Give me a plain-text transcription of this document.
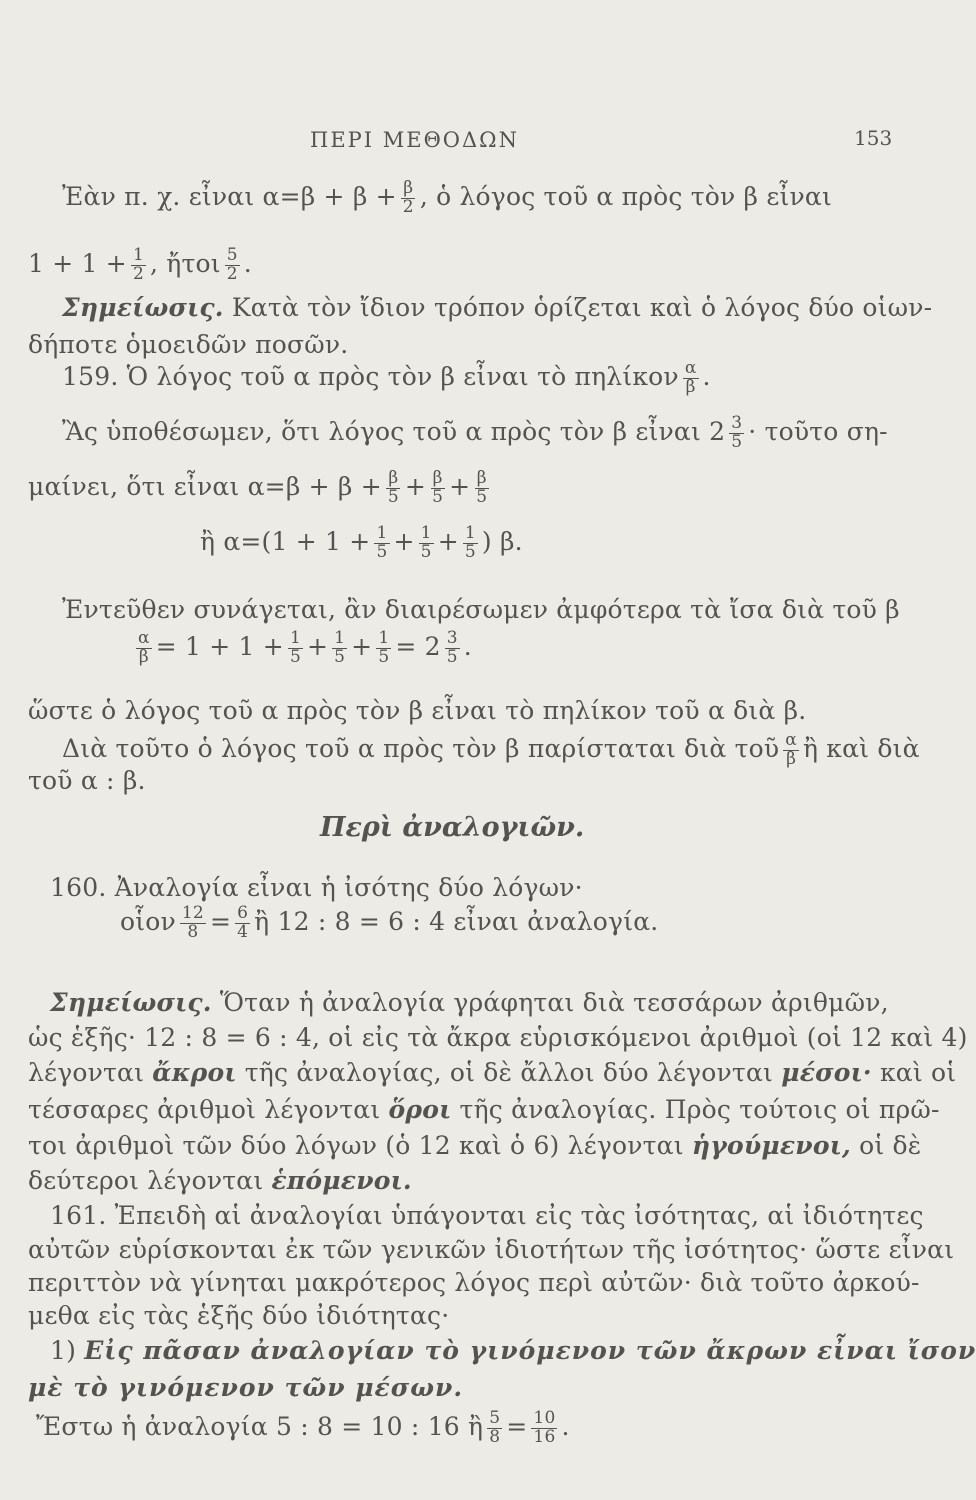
ΠΕΡΙ ΜΕΘΟΔΩΝ	153
Ἐὰν π. χ. εἶναι $\alpha=\beta + \beta + \frac{\beta}{2}$ , ὁ λόγος τοῦ α πρὸς τὸν β εἶναι
$1 + 1 + \frac{1}{2}$ , ἤτοι $\frac{5}{2}$ .
Σημείωσις. Κατὰ τὸν ἴδιον τρόπον ὁρίζεται καὶ ὁ λόγος δύο οἱων-
δήποτε ὁμοειδῶν ποσῶν.
159. Ὁ λόγος τοῦ α πρὸς τὸν β εἶναι τὸ πηλίκον $\frac{\alpha}{\beta}$ .
Ἂς ὑποθέσωμεν, ὅτι λόγος τοῦ α πρὸς τὸν β εἶναι $2 \frac{3}{5}$ · τοῦτο ση-
μαίνει, ὅτι εἶναι $\alpha=\beta + \beta + \frac{\beta}{5} + \frac{\beta}{5} + \frac{\beta}{5}$
ἢ $\alpha=(1 + 1 + \frac{1}{5} + \frac{1}{5} + \frac{1}{5}$ ) β.
Ἐντεῦθεν συνάγεται, ἂν διαιρέσωμεν ἀμφότερα τὰ ἴσα διὰ τοῦ β
$\frac{\alpha}{\beta} = 1 + 1 + \frac{1}{5} + \frac{1}{5} + \frac{1}{5} = 2 \frac{3}{5}$ .
ὥστε ὁ λόγος τοῦ α πρὸς τὸν β εἶναι τὸ πηλίκον τοῦ α διὰ β.
Διὰ τοῦτο ὁ λόγος τοῦ α πρὸς τὸν β παρίσταται διὰ τοῦ $\frac{\alpha}{\beta}$ ἢ καὶ διὰ
τοῦ α : β.
Περὶ ἀναλογιῶν.
160. Ἀναλογία εἶναι ἡ ἰσότης δύο λόγων·
οἷον $\frac{12}{8} = \frac{6}{4}$ ἢ 12 : 8 = 6 : 4 εἶναι ἀναλογία.
Σημείωσις. Ὅταν ἡ ἀναλογία γράφηται διὰ τεσσάρων ἀριθμῶν,
ὡς ἑξῆς· 12 : 8 = 6 : 4, οἱ εἰς τὰ ἄκρα εὑρισκόμενοι ἀριθμοὶ (οἱ 12 καὶ 4)
λέγονται ἄκροι τῆς ἀναλογίας, οἱ δὲ ἄλλοι δύο λέγονται μέσοι· καὶ οἱ
τέσσαρες ἀριθμοὶ λέγονται ὅροι τῆς ἀναλογίας. Πρὸς τούτοις οἱ πρῶ-
τοι ἀριθμοὶ τῶν δύο λόγων (ὁ 12 καὶ ὁ 6) λέγονται ἡγούμενοι, οἱ δὲ
δεύτεροι λέγονται ἑπόμενοι.
161. Ἐπειδὴ αἱ ἀναλογίαι ὑπάγονται εἰς τὰς ἰσότητας, αἱ ἰδιότητες
αὐτῶν εὑρίσκονται ἐκ τῶν γενικῶν ἰδιοτήτων τῆς ἰσότητος· ὥστε εἶναι
περιττὸν νὰ γίνηται μακρότερος λόγος περὶ αὐτῶν· διὰ τοῦτο ἀρκού-
μεθα εἰς τὰς ἑξῆς δύο ἰδιότητας·
1) Εἰς πᾶσαν ἀναλογίαν τὸ γινόμενον τῶν ἄκρων εἶναι ἴσον
μὲ τὸ γινόμενον τῶν μέσων.
Ἔστω ἡ ἀναλογία 5 : 8 = 10 : 16 ἢ $\frac{5}{8} = \frac{10}{16}$ .
